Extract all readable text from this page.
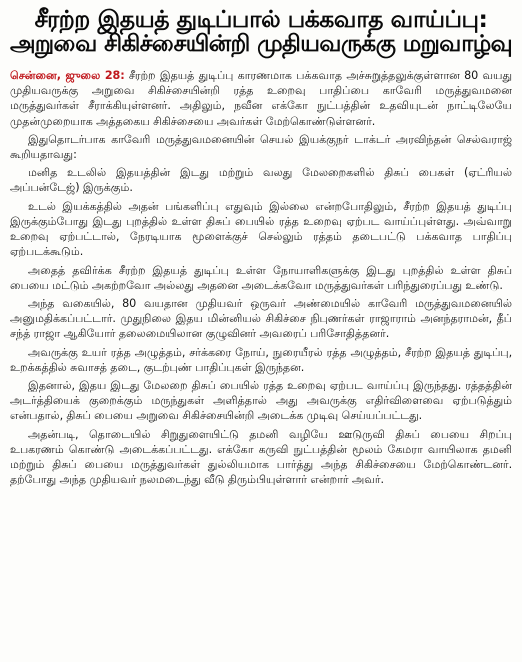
சீரற்ற இதயத் துடிப்பால் பக்கவாத வாய்ப்பு:
அறுவை சிகிச்சையின்றி முதியவருக்கு மறுவாழ்வு

சென்னை, ஜுலை 28: சீரற்ற இதயத் துடிப்பு காரணமாக பக்கவாத அச்சுறுத்தலுக்குள்ளான 80 வயது முதியவருக்கு அறுவை சிகிச்சையின்றி ரத்த உறைவு பாதிப்பை காவேரி மருத்துவமனை மருத்துவர்கள் சீராக்கியுள்ளனர். அதிலும், நவீன எக்கோ நுட்பத்தின் உதவியுடன் நாட்டிலேயே முதன்முறையாக அத்தகைய சிகிச்சையை அவர்கள் மேற்கொண்டுள்ளனர்.

இதுதொடர்பாக காவேரி மருத்துவமனையின் செயல் இயக்குநர் டாக்டர் அரவிந்தன் செல்வராஜ் கூறியதாவது:

மனித உடலில் இதயத்தின் இடது மற்றும் வலது மேலறைகளில் திசுப் பைகள் (ஏட்ரியல் அப்பன்டேஜ்) இருக்கும்.

உடல் இயக்கத்தில் அதன் பங்களிப்பு எதுவும் இல்லை என்றபோதிலும், சீரற்ற இதயத் துடிப்பு இருக்கும்போது இடது புறத்தில் உள்ள திசுப் பையில் ரத்த உறைவு ஏற்பட வாய்ப்புள்ளது. அவ்வாறு உறைவு ஏற்பட்டால், நேரடியாக மூளைக்குச் செல்லும் ரத்தம் தடைபட்டு பக்கவாத பாதிப்பு ஏற்படக்கூடும்.

அதைத் தவிர்க்க சீரற்ற இதயத் துடிப்பு உள்ள நோயாளிகளுக்கு இடது புறத்தில் உள்ள திசுப் பையை மட்டும் அகற்றவோ அல்லது அதனை அடைக்கவோ மருத்துவர்கள் பரிந்துரைப்பது உண்டு.

அந்த வகையில், 80 வயதான முதியவர் ஒருவர் அண்மையில் காவேரி மருத்துவமனையில் அனுமதிக்கப்பட்டார். முதுநிலை இதய மின்னியல் சிகிச்சை நிபுணர்கள் ராஜாராம் அனந்தராமன், தீப் சந்த் ராஜா ஆகியோர் தலைமையிலான குழுவினர் அவரைப் பரிசோதித்தனர்.

அவருக்கு உயர் ரத்த அழுத்தம், சர்க்கரை நோய், நுரையீரல் ரத்த அழுத்தம், சீரற்ற இதயத் துடிப்பு, உறக்கத்தில் சுவாசத் தடை, குடற்புண் பாதிப்புகள் இருந்தன.

இதனால், இதய இடது மேலறை திசுப் பையில் ரத்த உறைவு ஏற்பட வாய்ப்பு இருந்தது. ரத்தத்தின் அடர்த்தியைக் குறைக்கும் மருந்துகள் அளித்தால் அது அவருக்கு எதிர்விளைவை ஏற்படுத்தும் என்பதால், திசுப் பையை அறுவை சிகிச்சையின்றி அடைக்க முடிவு செய்யப்பட்டது.

அதன்படி, தொடையில் சிறுதுளையிட்டு தமனி வழியே ஊடுருவி திசுப் பையை சிறப்பு உபகரணம் கொண்டு அடைக்கப்பட்டது. எக்கோ கருவி நுட்பத்தின் மூலம் கேமரா வாயிலாக தமனி மற்றும் திசுப் பையை மருத்துவர்கள் துல்லியமாக பார்த்து அந்த சிகிச்சையை மேற்கொண்டனர். தற்போது அந்த முதியவர் நலமடைந்து வீடு திரும்பியுள்ளார் என்றார் அவர்.
